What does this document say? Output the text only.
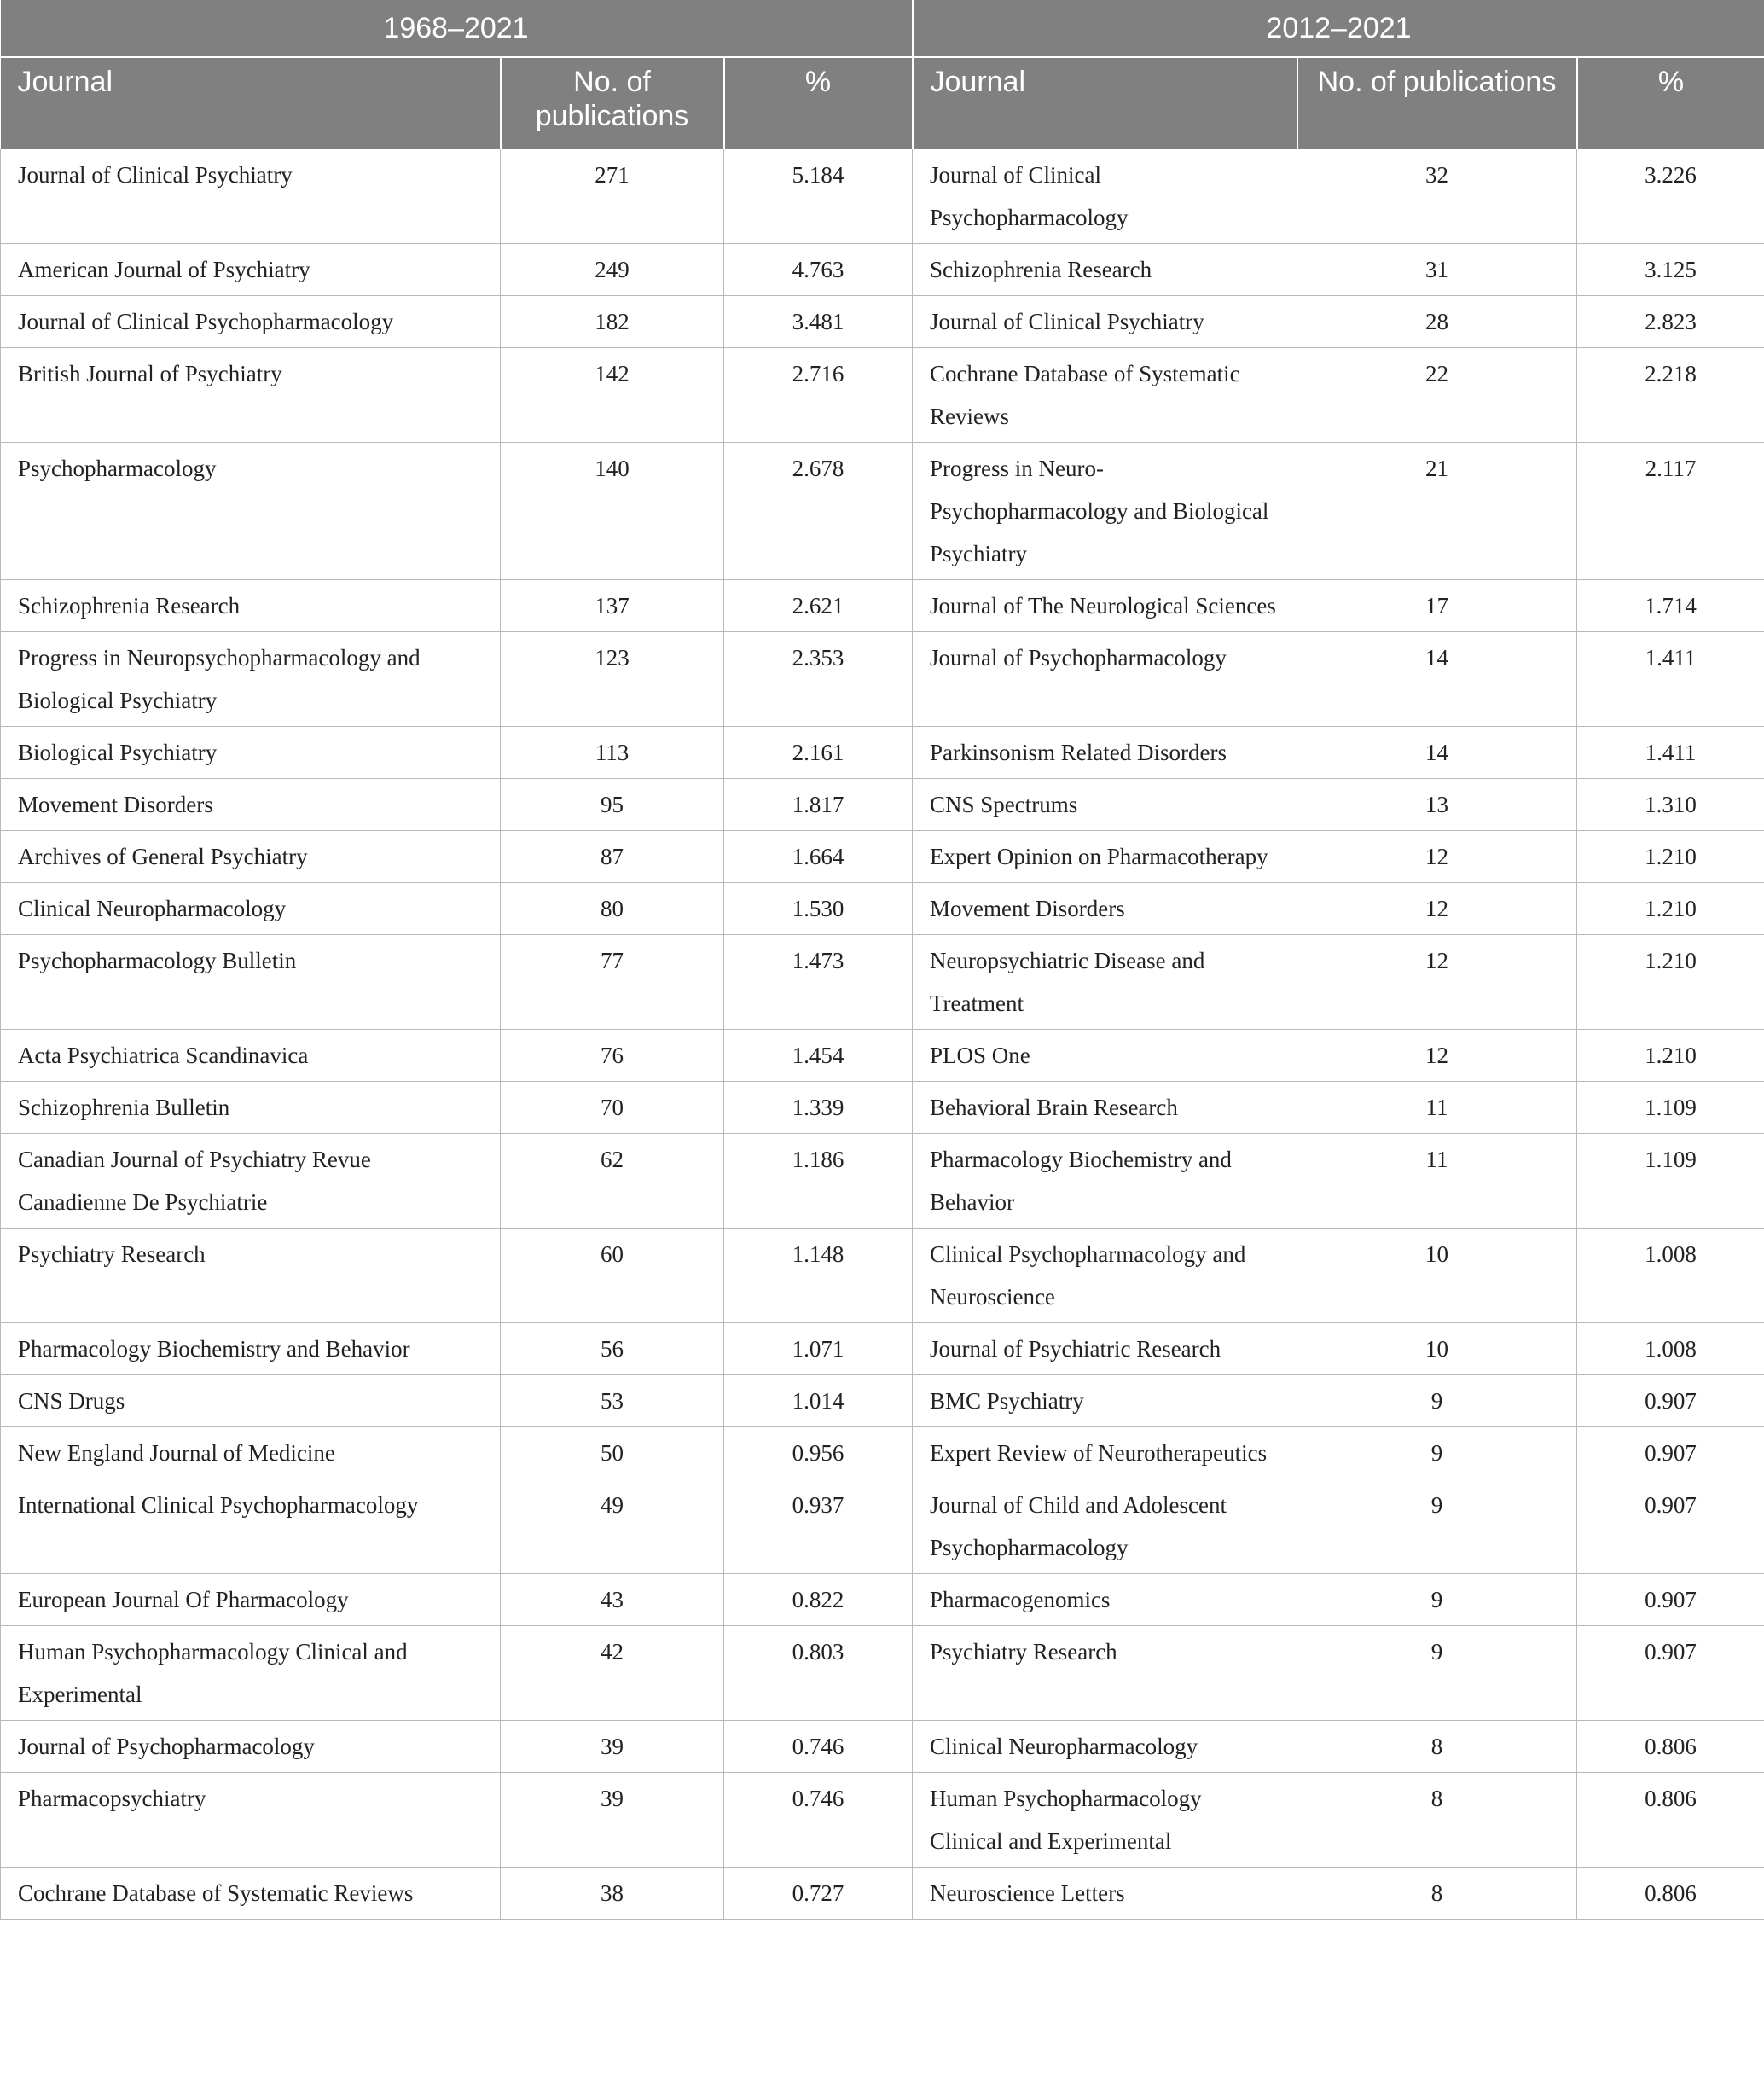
1968–2021			2012–2021		
Journal	No. of publications	%	Journal	No. of publications	%
Journal of Clinical Psychiatry	271	5.184	Journal of Clinical Psychopharmacology	32	3.226
American Journal of Psychiatry	249	4.763	Schizophrenia Research	31	3.125
Journal of Clinical Psychopharmacology	182	3.481	Journal of Clinical Psychiatry	28	2.823
British Journal of Psychiatry	142	2.716	Cochrane Database of Systematic Reviews	22	2.218
Psychopharmacology	140	2.678	Progress in Neuro-Psychopharmacology and Biological Psychiatry	21	2.117
Schizophrenia Research	137	2.621	Journal of The Neurological Sciences	17	1.714
Progress in Neuropsychopharmacology and Biological Psychiatry	123	2.353	Journal of Psychopharmacology	14	1.411
Biological Psychiatry	113	2.161	Parkinsonism Related Disorders	14	1.411
Movement Disorders	95	1.817	CNS Spectrums	13	1.310
Archives of General Psychiatry	87	1.664	Expert Opinion on Pharmacotherapy	12	1.210
Clinical Neuropharmacology	80	1.530	Movement Disorders	12	1.210
Psychopharmacology Bulletin	77	1.473	Neuropsychiatric Disease and Treatment	12	1.210
Acta Psychiatrica Scandinavica	76	1.454	PLOS One	12	1.210
Schizophrenia Bulletin	70	1.339	Behavioral Brain Research	11	1.109
Canadian Journal of Psychiatry Revue Canadienne De Psychiatrie	62	1.186	Pharmacology Biochemistry and Behavior	11	1.109
Psychiatry Research	60	1.148	Clinical Psychopharmacology and Neuroscience	10	1.008
Pharmacology Biochemistry and Behavior	56	1.071	Journal of Psychiatric Research	10	1.008
CNS Drugs	53	1.014	BMC Psychiatry	9	0.907
New England Journal of Medicine	50	0.956	Expert Review of Neurotherapeutics	9	0.907
International Clinical Psychopharmacology	49	0.937	Journal of Child and Adolescent Psychopharmacology	9	0.907
European Journal Of Pharmacology	43	0.822	Pharmacogenomics	9	0.907
Human Psychopharmacology Clinical and Experimental	42	0.803	Psychiatry Research	9	0.907
Journal of Psychopharmacology	39	0.746	Clinical Neuropharmacology	8	0.806
Pharmacopsychiatry	39	0.746	Human Psychopharmacology Clinical and Experimental	8	0.806
Cochrane Database of Systematic Reviews	38	0.727	Neuroscience Letters	8	0.806
